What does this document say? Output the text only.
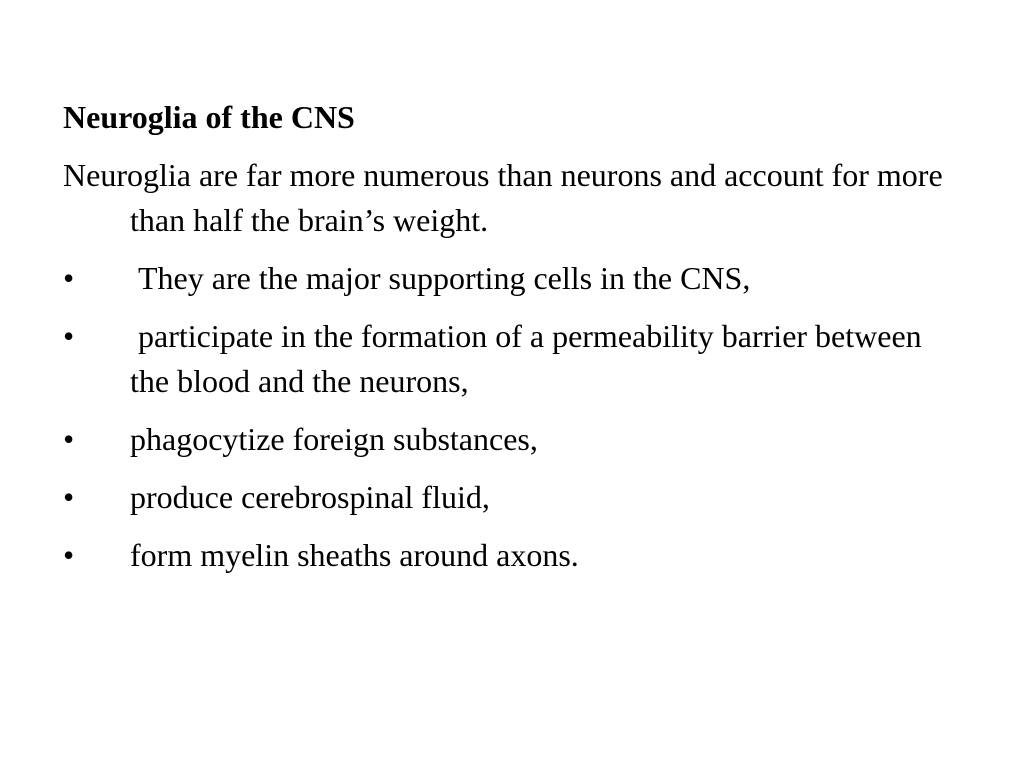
Neuroglia of the CNS
Neuroglia are far more numerous than neurons and account for more than half the brain’s weight.
• They are the major supporting cells in the CNS,
• participate in the formation of a permeability barrier between the blood and the neurons,
• phagocytize foreign substances,
• produce cerebrospinal fluid,
• form myelin sheaths around axons.
